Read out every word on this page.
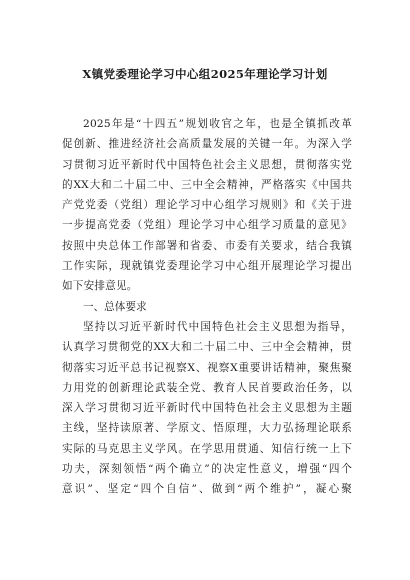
X镇党委理论学习中心组2025年理论学习计划
2025年是“十四五”规划收官之年，也是全镇抓改革
促创新、推进经济社会高质量发展的关键一年。为深入学
习贯彻习近平新时代中国特色社会主义思想，贯彻落实党
的XX大和二十届二中、三中全会精神，严格落实《中国共
产党党委（党组）理论学习中心组学习规则》和《关于进
一步提高党委（党组）理论学习中心组学习质量的意见》
按照中央总体工作部署和省委、市委有关要求，结合我镇
工作实际，现就镇党委理论学习中心组开展理论学习提出
如下安排意见。
一、总体要求
坚持以习近平新时代中国特色社会主义思想为指导，
认真学习贯彻党的XX大和二十届二中、三中全会精神，贯
彻落实习近平总书记视察X、视察X重要讲话精神，聚焦聚
力用党的创新理论武装全党、教育人民首要政治任务，以
深入学习贯彻习近平新时代中国特色社会主义思想为主题
主线，坚持读原著、学原文、悟原理，大力弘扬理论联系
实际的马克思主义学风。在学思用贯通、知信行统一上下
功夫，深刻领悟“两个确立”的决定性意义，增强“四个
意识”、坚定“四个自信”、做到“两个维护”，凝心聚
